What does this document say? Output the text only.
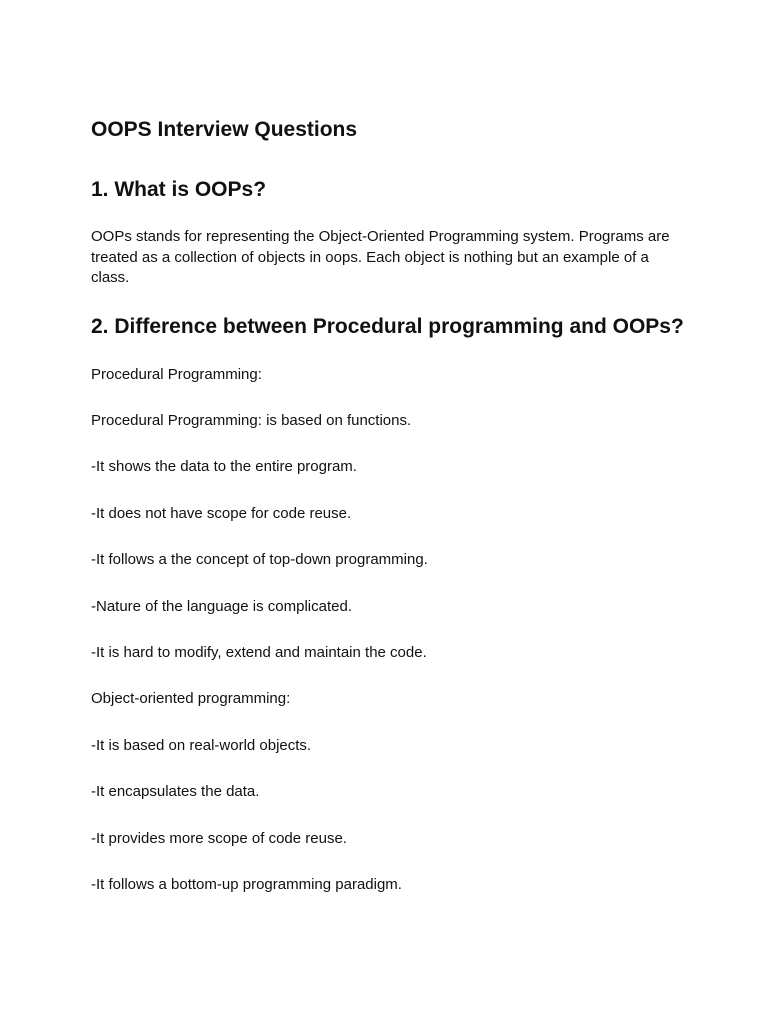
OOPS Interview Questions
1. What is OOPs?

OOPs stands for representing the Object-Oriented Programming system. Programs are treated as a collection of objects in oops. Each object is nothing but an example of a class.

2. Difference between Procedural programming and OOPs?

Procedural Programming:

Procedural Programming: is based on functions.

-It shows the data to the entire program.

-It does not have scope for code reuse.

-It follows a the concept of top-down programming.

-Nature of the language is complicated.

-It is hard to modify, extend and maintain the code.

Object-oriented programming:

-It is based on real-world objects.

-It encapsulates the data.

-It provides more scope of code reuse.

-It follows a bottom-up programming paradigm.
